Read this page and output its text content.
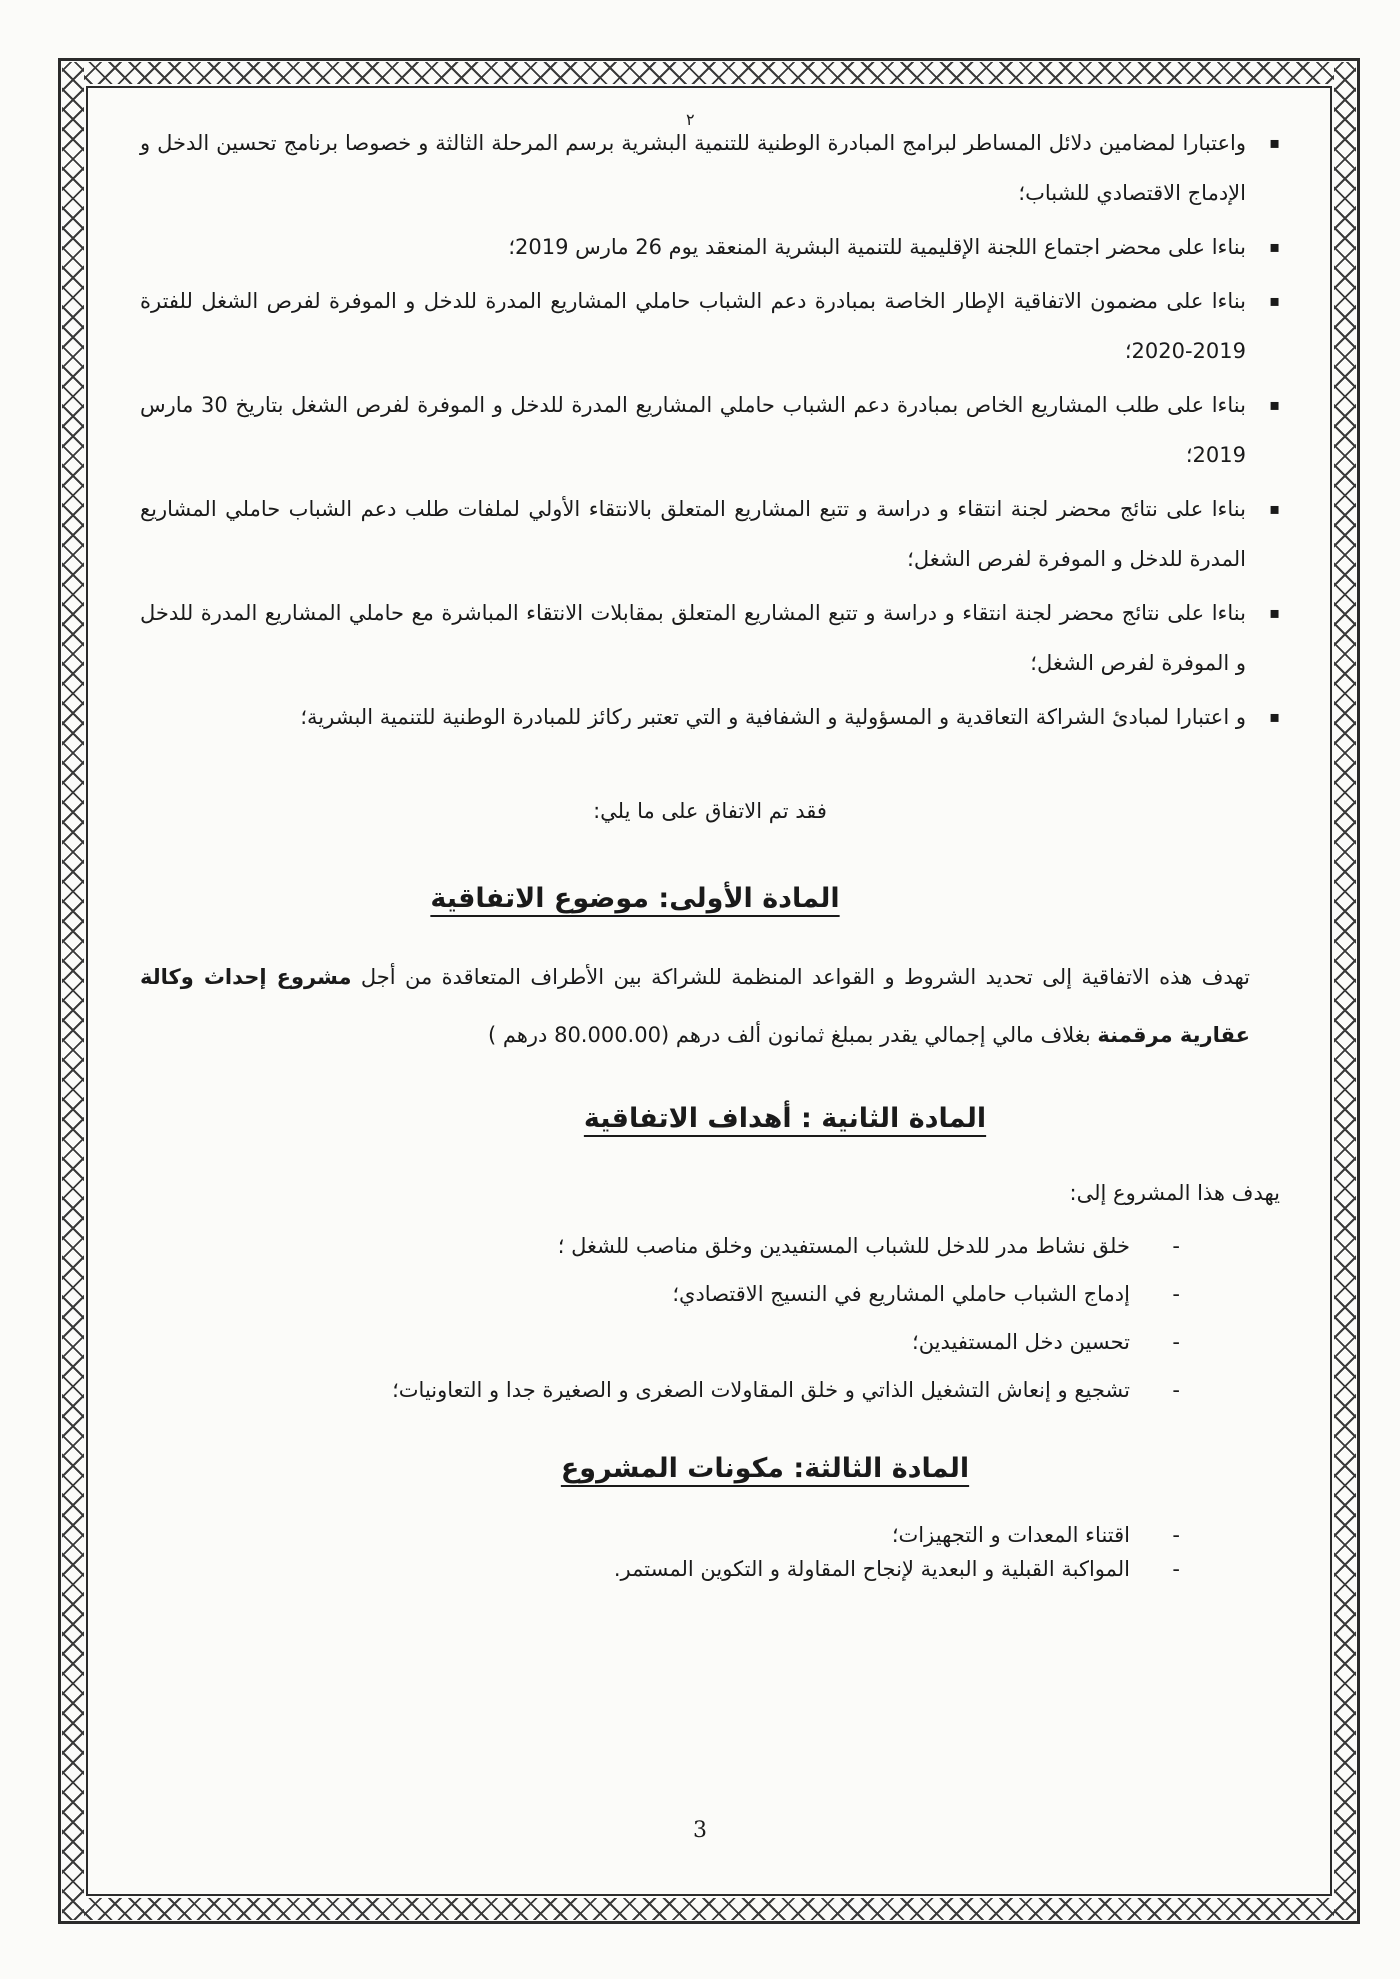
٢
▪ واعتبارا لمضامين دلائل المساطر لبرامج المبادرة الوطنية للتنمية البشرية برسم المرحلة الثالثة و خصوصا برنامج تحسين الدخل و الإدماج الاقتصادي للشباب؛
▪ بناءا على محضر اجتماع اللجنة الإقليمية للتنمية البشرية المنعقد يوم 26 مارس 2019؛
▪ بناءا على مضمون الاتفاقية الإطار الخاصة بمبادرة دعم الشباب حاملي المشاريع المدرة للدخل و الموفرة لفرص الشغل للفترة 2019-2020؛
▪ بناءا على طلب المشاريع الخاص بمبادرة دعم الشباب حاملي المشاريع المدرة للدخل و الموفرة لفرص الشغل بتاريخ 30 مارس 2019؛
▪ بناءا على نتائج محضر لجنة انتقاء و دراسة و تتبع المشاريع المتعلق بالانتقاء الأولي لملفات طلب دعم الشباب حاملي المشاريع المدرة للدخل و الموفرة لفرص الشغل؛
▪ بناءا على نتائج محضر لجنة انتقاء و دراسة و تتبع المشاريع المتعلق بمقابلات الانتقاء المباشرة مع حاملي المشاريع المدرة للدخل و الموفرة لفرص الشغل؛
▪ و اعتبارا لمبادئ الشراكة التعاقدية و المسؤولية و الشفافية و التي تعتبر ركائز للمبادرة الوطنية للتنمية البشرية؛
فقد تم الاتفاق على ما يلي:
المادة الأولى: موضوع الاتفاقية

تهدف هذه الاتفاقية إلى تحديد الشروط و القواعد المنظمة للشراكة بين الأطراف المتعاقدة من أجل مشروع إحداث وكالة عقارية مرقمنة بغلاف مالي إجمالي يقدر بمبلغ ثمانون ألف درهم (80.000.00 درهم )

المادة الثانية : أهداف الاتفاقية
يهدف هذا المشروع إلى:
- خلق نشاط مدر للدخل للشباب المستفيدين وخلق مناصب للشغل ؛
- إدماج الشباب حاملي المشاريع في النسيج الاقتصادي؛
- تحسين دخل المستفيدين؛
- تشجيع و إنعاش التشغيل الذاتي و خلق المقاولات الصغرى و الصغيرة جدا و التعاونيات؛
المادة الثالثة: مكونات المشروع
- اقتناء المعدات و التجهيزات؛
- المواكبة القبلية و البعدية لإنجاح المقاولة و التكوين المستمر.
3
